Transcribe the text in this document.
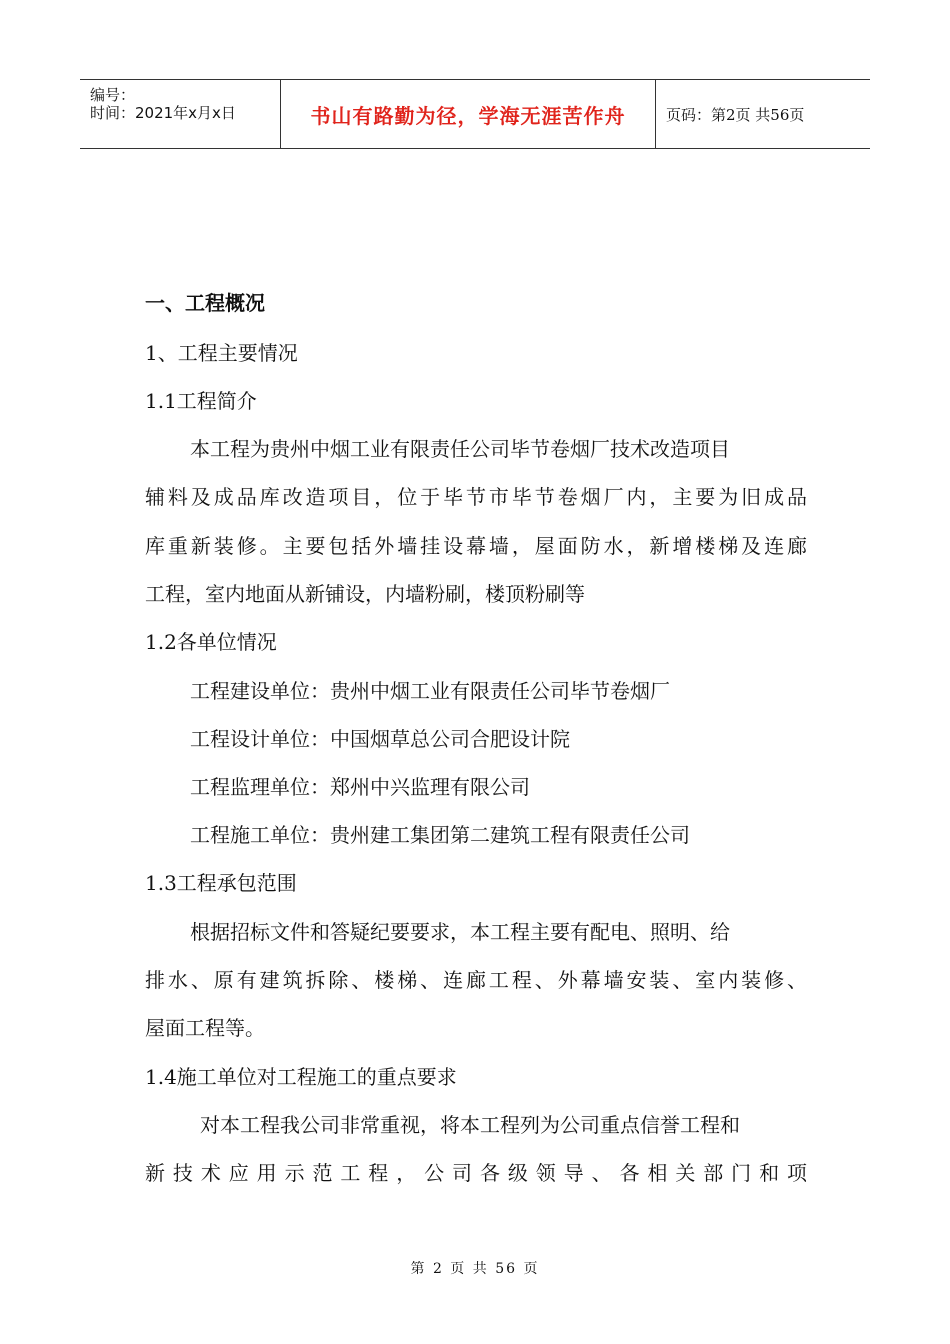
编号：
时间：2021年x月x日	书山有路勤为径，学海无涯苦作舟	页码：第2页 共56页
一、工程概况
1、工程主要情况
1.1工程简介
本工程为贵州中烟工业有限责任公司毕节卷烟厂技术改造项目
辅料及成品库改造项目，位于毕节市毕节卷烟厂内，主要为旧成品
库重新装修。主要包括外墙挂设幕墙，屋面防水，新增楼梯及连廊
工程，室内地面从新铺设，内墙粉刷，楼顶粉刷等
1.2各单位情况
工程建设单位：贵州中烟工业有限责任公司毕节卷烟厂
工程设计单位：中国烟草总公司合肥设计院
工程监理单位：郑州中兴监理有限公司
工程施工单位：贵州建工集团第二建筑工程有限责任公司
1.3工程承包范围
根据招标文件和答疑纪要要求，本工程主要有配电、照明、给
排水、原有建筑拆除、楼梯、连廊工程、外幕墙安装、室内装修、
屋面工程等。
1.4施工单位对工程施工的重点要求
对本工程我公司非常重视，将本工程列为公司重点信誉工程和
新技术应用示范工程，公司各级领导、各相关部门和项
第 2 页 共 56 页
